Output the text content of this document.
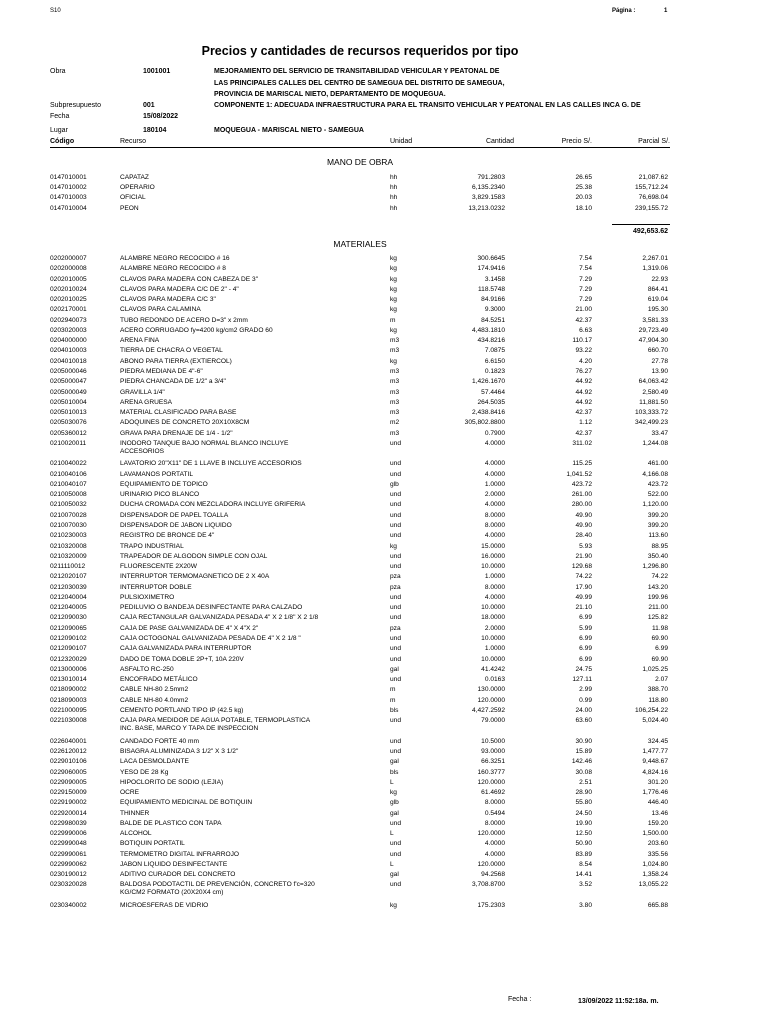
S10	Página :	1
Precios y cantidades de recursos requeridos por tipo
Obra	1001001	MEJORAMIENTO DEL SERVICIO DE TRANSITABILIDAD VEHICULAR Y PEATONAL DE
LAS PRINCIPALES CALLES DEL CENTRO DE SAMEGUA DEL DISTRITO DE SAMEGUA,
PROVINCIA DE MARISCAL NIETO, DEPARTAMENTO DE MOQUEGUA.
Subpresupuesto	001	COMPONENTE 1: ADECUADA INFRAESTRUCTURA PARA EL TRANSITO VEHICULAR Y PEATONAL EN LAS CALLES INCA G. DE
Fecha	15/08/2022
Lugar	180104	MOQUEGUA - MARISCAL NIETO - SAMEGUA
Código	Recurso	Unidad	Cantidad	Precio S/.	Parcial S/.
MANO DE OBRA
0147010001	CAPATAZ	hh	791.2803	26.65	21,087.62
0147010002	OPERARIO	hh	6,135.2340	25.38	155,712.24
0147010003	OFICIAL	hh	3,829.1583	20.03	76,698.04
0147010004	PEON	hh	13,213.0232	18.10	239,155.72
492,653.62
MATERIALES
0202000007	ALAMBRE NEGRO RECOCIDO # 16	kg	300.6645	7.54	2,267.01
0202000008	ALAMBRE NEGRO RECOCIDO # 8	kg	174.9416	7.54	1,319.06
0202010005	CLAVOS PARA MADERA CON CABEZA DE 3"	kg	3.1458	7.29	22.93
0202010024	CLAVOS PARA MADERA C/C DE 2" - 4"	kg	118.5748	7.29	864.41
0202010025	CLAVOS PARA MADERA C/C 3"	kg	84.9166	7.29	619.04
0202170001	CLAVOS PARA CALAMINA	kg	9.3000	21.00	195.30
0202940073	TUBO REDONDO DE ACERO D=3" x 2mm	m	84.5251	42.37	3,581.33
0203020003	ACERO CORRUGADO fy=4200 kg/cm2 GRADO 60	kg	4,483.1810	6.63	29,723.49
0204000000	ARENA FINA	m3	434.8216	110.17	47,904.30
0204010003	TIERRA DE CHACRA O VEGETAL	m3	7.0875	93.22	660.70
0204010018	ABONO PARA TIERRA (EXTIERCOL)	kg	6.6150	4.20	27.78
0205000046	PIEDRA MEDIANA DE 4"-6"	m3	0.1823	76.27	13.90
0205000047	PIEDRA CHANCADA DE 1/2" a 3/4"	m3	1,426.1670	44.92	64,063.42
0205000049	GRAVILLA 1/4"	m3	57.4464	44.92	2,580.49
0205010004	ARENA GRUESA	m3	264.5035	44.92	11,881.50
0205010013	MATERIAL CLASIFICADO PARA BASE	m3	2,438.8416	42.37	103,333.72
0205030076	ADOQUINES DE CONCRETO 20X10X8CM	m2	305,802.8800	1.12	342,499.23
0205360012	GRAVA PARA DRENAJE DE 1/4 - 1/2"	m3	0.7900	42.37	33.47
0210020011	INODORO TANQUE BAJO NORMAL BLANCO INCLUYE	und	4.0000	311.02	1,244.08
ACCESORIOS
0210040022	LAVATORIO 20"X11" DE 1 LLAVE B INCLUYE ACCESORIOS	und	4.0000	115.25	461.00
0210040106	LAVAMANOS PORTATIL	und	4.0000	1,041.52	4,166.08
0210040107	EQUIPAMIENTO DE TOPICO	glb	1.0000	423.72	423.72
0210050008	URINARIO PICO BLANCO	und	2.0000	261.00	522.00
0210050032	DUCHA CROMADA CON MEZCLADORA INCLUYE GRIFERIA	und	4.0000	280.00	1,120.00
0210070028	DISPENSADOR DE PAPEL TOALLA	und	8.0000	49.90	399.20
0210070030	DISPENSADOR DE JABON LIQUIDO	und	8.0000	49.90	399.20
0210230003	REGISTRO DE BRONCE DE 4"	und	4.0000	28.40	113.60
0210320008	TRAPO INDUSTRIAL	kg	15.0000	5.93	88.95
0210320009	TRAPEADOR DE ALGODON SIMPLE CON OJAL	und	16.0000	21.90	350.40
0211110012	FLUORESCENTE 2X20W	und	10.0000	129.68	1,296.80
0212020107	INTERRUPTOR TERMOMAGNETICO DE 2 X 40A	pza	1.0000	74.22	74.22
0212030039	INTERRUPTOR DOBLE	pza	8.0000	17.90	143.20
0212040004	PULSIOXIMETRO	und	4.0000	49.99	199.96
0212040005	PEDILUVIO O BANDEJA DESINFECTANTE PARA CALZADO	und	10.0000	21.10	211.00
0212090030	CAJA RECTANGULAR GALVANIZADA PESADA 4" X 2 1/8" X 2 1/8	und	18.0000	6.99	125.82
0212090065	CAJA DE PASE GALVANIZADA DE 4" X 4"X 2"	pza	2.0000	5.99	11.98
0212090102	CAJA OCTOGONAL GALVANIZADA PESADA DE 4" X 2 1/8 "	und	10.0000	6.99	69.90
0212090107	CAJA GALVANIZADA PARA INTERRUPTOR	und	1.0000	6.99	6.99
0212320029	DADO DE TOMA DOBLE 2P+T, 10A 220V	und	10.0000	6.99	69.90
0213000006	ASFALTO RC-250	gal	41.4242	24.75	1,025.25
0213010014	ENCOFRADO METÁLICO	und	0.0163	127.11	2.07
0218090002	CABLE NH-80 2.5mm2	m	130.0000	2.99	388.70
0218090003	CABLE NH-80 4.0mm2	m	120.0000	0.99	118.80
0221000095	CEMENTO PORTLAND TIPO IP (42.5 kg)	bls	4,427.2592	24.00	106,254.22
0221030008	CAJA PARA MEDIDOR DE AGUA POTABLE, TERMOPLASTICA	und	79.0000	63.60	5,024.40
INC. BASE, MARCO Y TAPA DE INSPECCION
0226040001	CANDADO FORTE 40 mm	und	10.5000	30.90	324.45
0226120012	BISAGRA ALUMINIZADA 3 1/2" X 3 1/2"	und	93.0000	15.89	1,477.77
0229010106	LACA DESMOLDANTE	gal	66.3251	142.46	9,448.67
0229060005	YESO DE 28 Kg	bls	160.3777	30.08	4,824.16
0229090005	HIPOCLORITO DE SODIO (LEJIA)	L	120.0000	2.51	301.20
0229150009	OCRE	kg	61.4692	28.90	1,776.46
0229190002	EQUIPAMIENTO MEDICINAL DE BOTIQUIN	glb	8.0000	55.80	446.40
0229200014	THINNER	gal	0.5494	24.50	13.46
0229980039	BALDE DE PLASTICO CON TAPA	und	8.0000	19.90	159.20
0229990006	ALCOHOL	L	120.0000	12.50	1,500.00
0229990048	BOTIQUIN PORTATIL	und	4.0000	50.90	203.60
0229990061	TERMOMETRO DIGITAL INFRARROJO	und	4.0000	83.89	335.56
0229990062	JABON LIQUIDO DESINFECTANTE	L	120.0000	8.54	1,024.80
0230190012	ADITIVO CURADOR DEL CONCRETO	gal	94.2568	14.41	1,358.24
0230320028	BALDOSA PODOTACTIL DE PREVENCIÓN, CONCRETO f'c=320	und	3,708.8700	3.52	13,055.22
KG/CM2 FORMATO (20X20X4 cm)
0230340002	MICROESFERAS DE VIDRIO	kg	175.2303	3.80	665.88
Fecha :	13/09/2022 11:52:18a. m.
